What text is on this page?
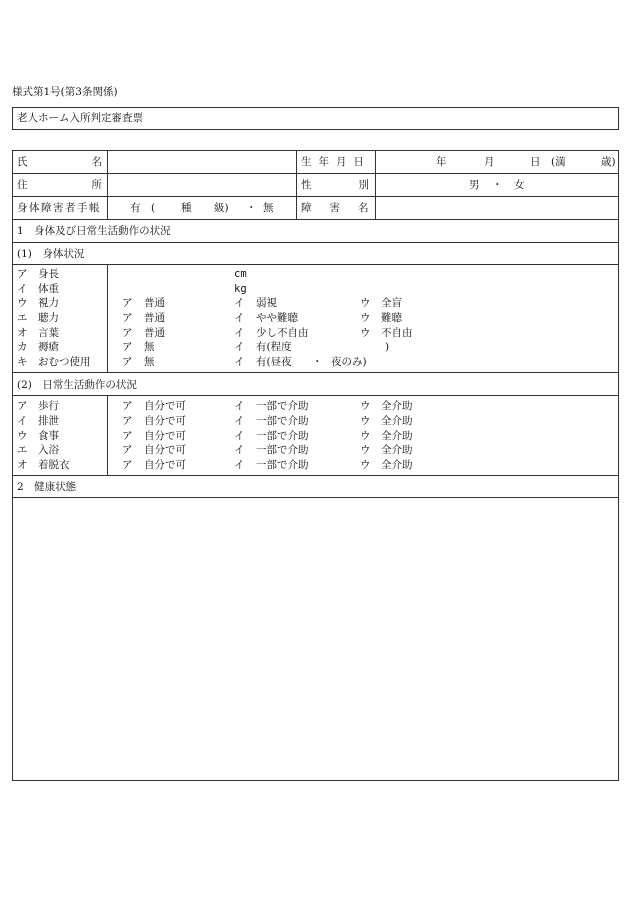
様式第1号(第3条関係)
老人ホーム入所判定審査票
氏名	生年月日	年	月	日 (満	歳)
住所	性別	男 ・ 女
身体障害者手帳	有 ( 種 級) ・ 無	障害名
1　身体及び日常生活動作の状況
(1)　身体状況
(2)　日常生活動作の状況
2　健康状態
ア 身長	cm
イ 体重	kg
ウ 視力	ア 普通	イ 弱視	ウ 全盲
エ 聴力	ア 普通	イ やや難聴	ウ 難聴
オ 言葉	ア 普通	イ 少し不自由	ウ 不自由
カ 褥瘡	ア 無	イ 有(程度	)
キ おむつ使用	ア 無	イ 有(昼夜 ・ 夜のみ)
ア 歩行	ア 自分で可	イ 一部で介助	ウ 全介助
イ 排泄	ア 自分で可	イ 一部で介助	ウ 全介助
ウ 食事	ア 自分で可	イ 一部で介助	ウ 全介助
エ 入浴	ア 自分で可	イ 一部で介助	ウ 全介助
オ 着脱衣	ア 自分で可	イ 一部で介助	ウ 全介助
